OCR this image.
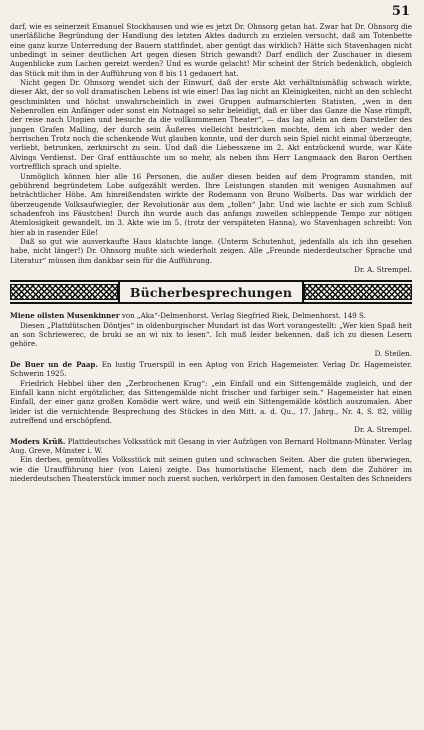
51

darf, wie es seinerzeit Emanuel Stockhausen und wie es jetzt Dr. Ohnsorg getan hat. Zwar hat Dr. Ohnsorg die unerläßliche Begründung der Handlung des letzten Aktes dadurch zu erzielen versucht, daß am Totenbette eine ganz kurze Unterredung der Bauern stattfindet, aber genügt das wirklich? Hätte sich Stavenhagen nicht unbedingt in seiner deutlichen Art gegen diesen Strich gewandt? Darf endlich der Zuschauer in diesem Augenblicke zum Lachen gereizt werden? Und es wurde gelacht! Mir scheint der Strich bedenklich, obgleich das Stück mit ihm in der Aufführung von 8 bis 11 gedauert hat.

Nicht gegen Dr. Ohnsorg wendet sich der Einwurf, daß der erste Akt verhältnismäßig schwach wirkte, dieser Akt, der so voll dramatischen Lebens ist wie einer! Das lag nicht an Kleinigkeiten, nicht an den schlecht geschminkten und höchst unwahrscheinlich in zwei Gruppen aufmarschierten Statisten, „wen in den Nebenrollen ein Anfänger oder sonst ein Notnagel so sehr beleidigt, daß er über das Ganze die Nase rümpft, der reise nach Utopien und besuche da die vollkommenen Theater“, — das lag allein an dem Darsteller des jungen Grafen Malling, der durch sein Äußeres vielleicht bestricken mochte, dem ich aber weder den herrischen Trotz noch die schenkende Wut glauben konnte, und der durch sein Spiel nicht einmal überzeugte, verliebt, betrunken, zerknirscht zu sein. Und daß die Liebesszene im 2. Akt entzückend wurde, war Käte Alvings Verdienst. Der Graf enttäuschte um so mehr, als neben ihm Herr Langmaack den Baron Oerthen vortrefflich sprach und spielte.

Unmöglich können hier alle 16 Personen, die außer diesen beiden auf dem Programm standen, mit gebührend begründetem Lobe aufgezählt werden. Ihre Leistungen standen mit wenigen Ausnahmen auf beträchtlicher Höhe. Am hinreißendsten wirkte der Rodemann von Bruno Wolberts. Das war wirklich der überzeugende Volksaufwiegler, der Revolutionär aus dem „tollen“ Jahr. Und wie lachte er sich zum Schluß schadenfroh ins Fäustchen! Durch ihn wurde auch das anfangs zuweilen schleppende Tempo zur nötigen Atemlosigkeit gewandelt, im 3. Akte wie im 5. (trotz der verspäteten Hanna), wo Stavenhagen schreibt: Von hier ab in rasender Eile!

Daß so gut wie ausverkaufte Haus klatschte lange. (Unterm Schutenhut, jedenfalls als ich ihn gesehen habe, nicht länger!) Dr. Ohnsorg mußte sich wiederholt zeigen. Alle „Freunde niederdeutscher Sprache und Literatur“ müssen ihm dankbar sein für die Aufführung.

Dr. A. Strempel.
Bücherbesprechungen

Miene ollsten Musenkinner von „Aka“-Delmenhorst. Verlag Siegfried Riek, Delmenhorst. 149 S.

Diesen „Plattdütschen Döntjes“ in oldenburgischer Mundart ist das Wort vorangestellt: „Wer kien Spaß heit an son Schriewerec, de bruki se an wi nix to lesen“. Ich muß leider bekennen, daß ich zu diesen Lesern gehöre.

D. Steilen.

De Buer un de Paap. En lustig Truerspill in een Aptog von Erich Hagemeister. Verlag Dr. Hagemeister. Schwerin 1925.

Friedrich Hebbel über den „Zerbrochenen Krug“: „ein Einfall und ein Sittengemälde zugleich, und der Einfall kann nicht ergötzlicher, das Sittengemälde nicht frischer und farbiger sein.“ Hagemeister hat einen Einfall, der einer ganz großen Komödie wert wäre, und weiß ein Sittengemälde köstlich auszumalen. Aber leider ist die vernichtende Besprechung des Stückes in den Mitt. a. d. Qu., 17. Jahrg., Nr. 4, S. 82, völlig zutreffend und erschöpfend.

Dr. A. Strempel.

Moders Krüß. Plattdeutsches Volksstück mit Gesang in vier Aufzügen von Bernard Holtmann-Münster. Verlag Aug. Greve, Münster i. W.

Ein derbes, gemütvolles Volksstück mit seinen guten und schwachen Seiten. Aber die guten überwiegen, wie die Uraufführung hier (von Laien) zeigte. Das humoristische Element, nach dem die Zuhörer im niederdeutschen Theaterstück immer noch zuerst suchen, verkörpert in den famosen Gestalten des Schneiders
